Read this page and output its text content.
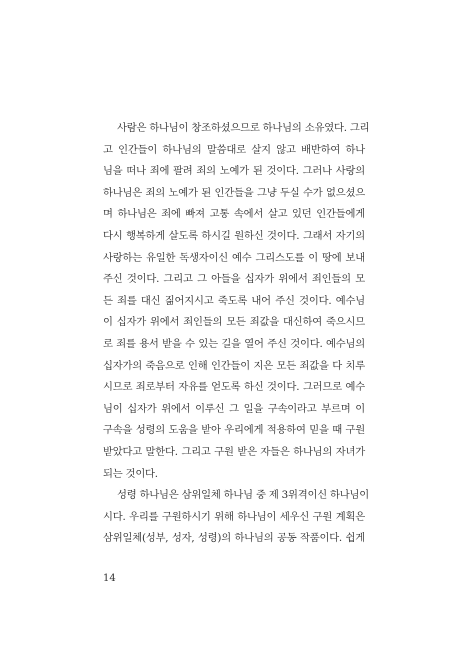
사람은 하나님이 창조하셨으므로 하나님의 소유였다. 그리
고 인간들이 하나님의 말씀대로 살지 않고 배반하여 하나
님을 떠나 죄에 팔려 죄의 노예가 된 것이다. 그러나 사랑의
하나님은 죄의 노예가 된 인간들을 그냥 두실 수가 없으셨으
며 하나님은 죄에 빠져 고통 속에서 살고 있던 인간들에게
다시 행복하게 살도록 하시길 원하신 것이다. 그래서 자기의
사랑하는 유일한 독생자이신 예수 그리스도를 이 땅에 보내
주신 것이다. 그리고 그 아들을 십자가 위에서 죄인들의 모
든 죄를 대신 짊어지시고 죽도록 내어 주신 것이다. 예수님
이 십자가 위에서 죄인들의 모든 죄값을 대신하여 죽으시므
로 죄를 용서 받을 수 있는 길을 열어 주신 것이다. 예수님의
십자가의 죽음으로 인해 인간들이 지은 모든 죄값을 다 치루
시므로 죄로부터 자유를 얻도록 하신 것이다. 그러므로 예수
님이 십자가 위에서 이루신 그 일을 구속이라고 부르며 이
구속을 성령의 도움을 받아 우리에게 적용하여 믿을 때 구원
받았다고 말한다. 그리고 구원 받은 자들은 하나님의 자녀가
되는 것이다.
성령 하나님은 삼위일체 하나님 중 제 3위격이신 하나님이
시다. 우리를 구원하시기 위해 하나님이 세우신 구원 계획은
삼위일체(성부, 성자, 성령)의 하나님의 공동 작품이다. 쉽게
14
